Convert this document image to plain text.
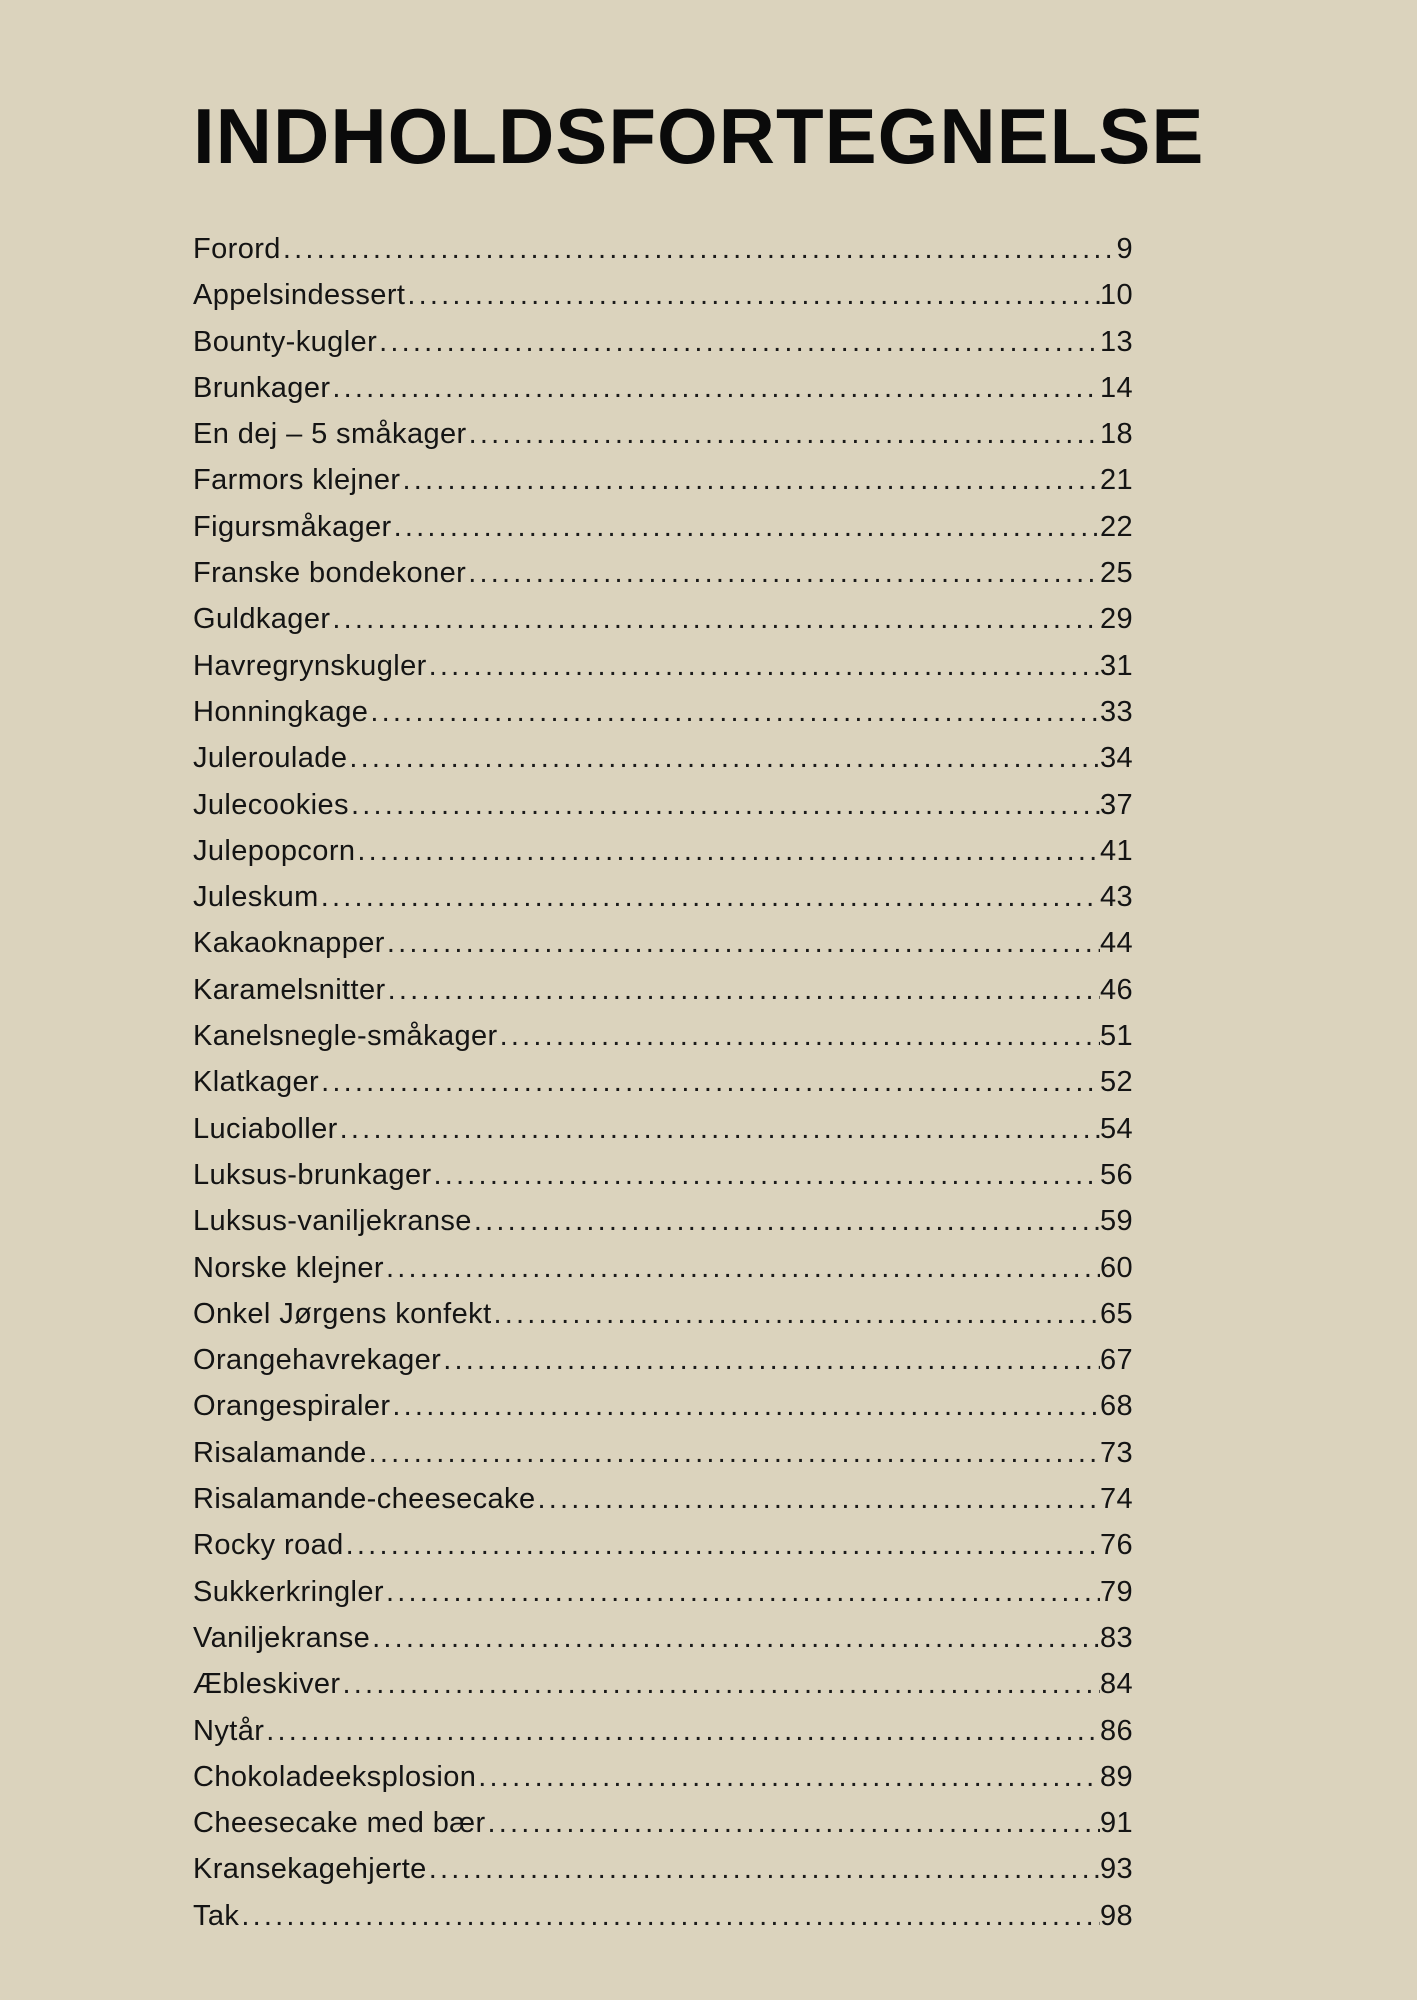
INDHOLDSFORTEGNELSE
Forord .....	9
Appelsindessert .....	10
Bounty-kugler .....	13
Brunkager .....	14
En dej – 5 småkager .....	18
Farmors klejner .....	21
Figursmåkager .....	22
Franske bondekoner .....	25
Guldkager .....	29
Havregrynskugler .....	31
Honningkage .....	33
Juleroulade .....	34
Julecookies .....	37
Julepopcorn .....	41
Juleskum .....	43
Kakaoknapper .....	44
Karamelsnitter .....	46
Kanelsnegle-småkager .....	51
Klatkager .....	52
Luciaboller .....	54
Luksus-brunkager .....	56
Luksus-vaniljekranse .....	59
Norske klejner .....	60
Onkel Jørgens konfekt .....	65
Orangehavrekager .....	67
Orangespiraler .....	68
Risalamande .....	73
Risalamande-cheesecake .....	74
Rocky road .....	76
Sukkerkringler .....	79
Vaniljekranse .....	83
Æbleskiver .....	84
Nytår .....	86
Chokoladeeksplosion .....	89
Cheesecake med bær .....	91
Kransekagehjerte .....	93
Tak .....	98
